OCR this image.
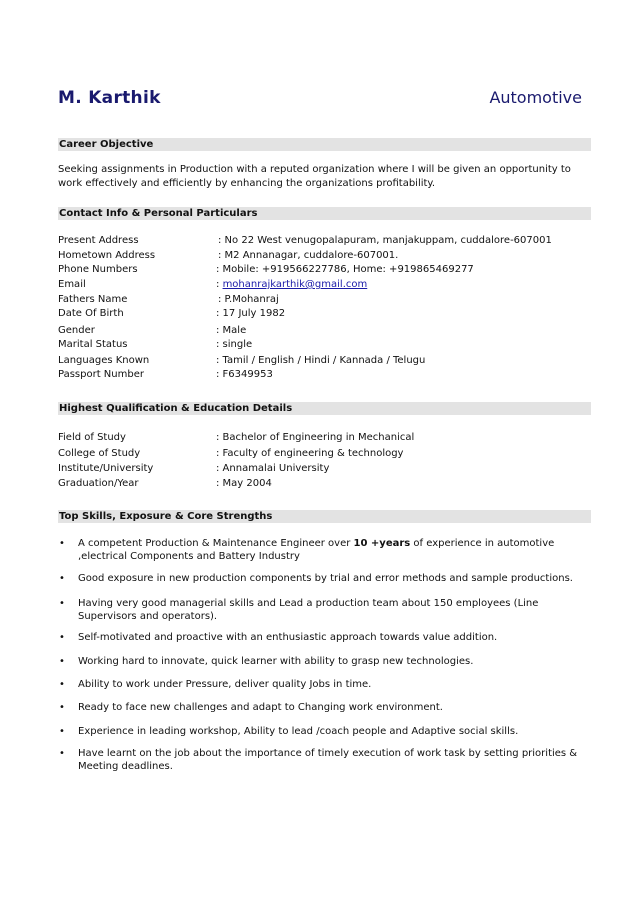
M. Karthik	Automotive
Career Objective
Seeking assignments in Production with a reputed organization where I will be given an opportunity to work effectively and efficiently by enhancing the organizations profitability.
Contact Info & Personal Particulars
Present Address	: No 22 West venugopalapuram, manjakuppam, cuddalore-607001
Hometown Address	: M2 Annanagar, cuddalore-607001.
Phone Numbers	: Mobile: +919566227786, Home: +919865469277
Email	: mohanrajkarthik@gmail.com
Fathers Name	: P.Mohanraj
Date Of Birth	: 17 July 1982
Gender	: Male
Marital Status	: single
Languages Known	: Tamil / English / Hindi / Kannada / Telugu
Passport Number	: F6349953
Highest Qualification & Education Details
Field of Study	: Bachelor of Engineering in Mechanical
College of Study	: Faculty of engineering & technology
Institute/University	: Annamalai University
Graduation/Year	: May 2004
Top Skills, Exposure & Core Strengths
• A competent Production & Maintenance Engineer over 10 +years of experience in automotive ,electrical Components and Battery Industry
• Good exposure in new production components by trial and error methods and sample productions.
• Having very good managerial skills and Lead a production team about 150 employees (Line Supervisors and operators).
• Self-motivated and proactive with an enthusiastic approach towards value addition.
• Working hard to innovate, quick learner with ability to grasp new technologies.
• Ability to work under Pressure, deliver quality Jobs in time.
• Ready to face new challenges and adapt to Changing work environment.
• Experience in leading workshop, Ability to lead /coach people and Adaptive social skills.
• Have learnt on the job about the importance of timely execution of work task by setting priorities & Meeting deadlines.
